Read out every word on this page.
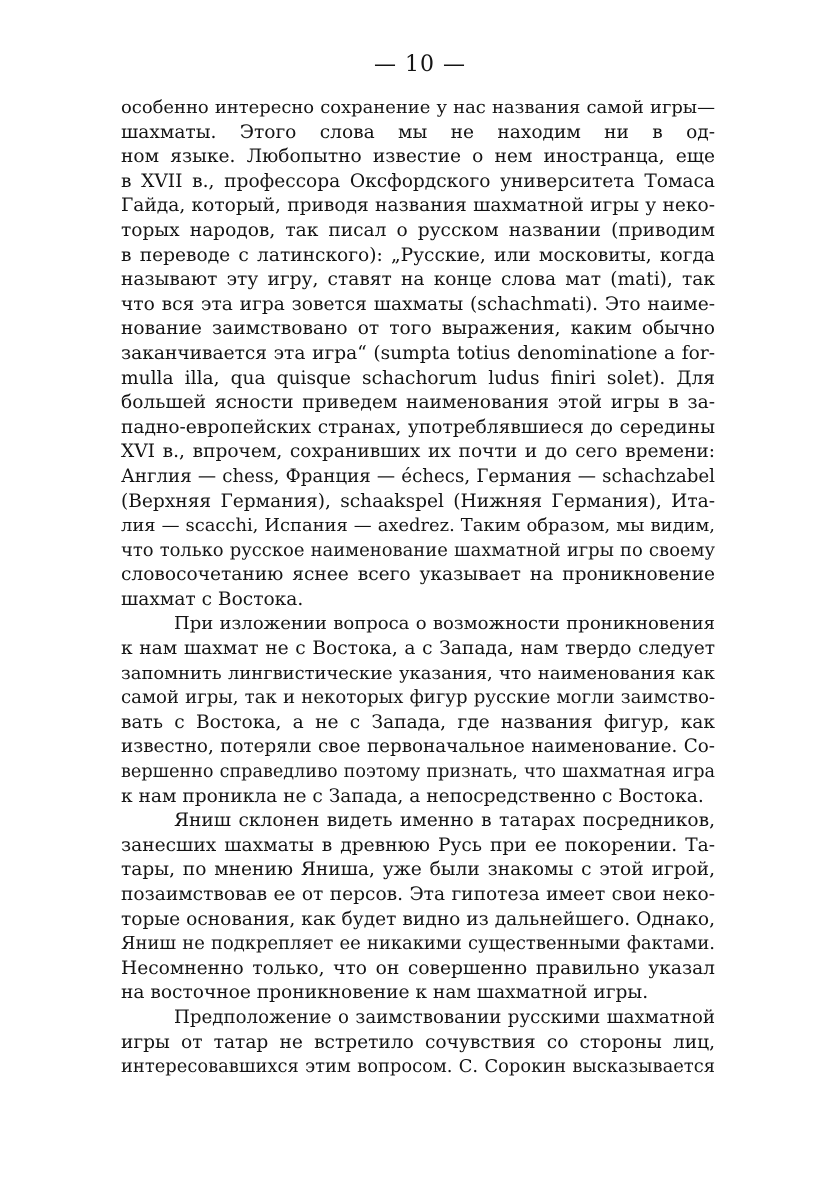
— 10 —
особенно интересно сохранение у нас названия самой игры—
шахматы. Этого слова мы не находим ни в од-
ном языке. Любопытно известие о нем иностранца, еще
в XVII в., профессора Оксфордского университета Томаса
Гайда, который, приводя названия шахматной игры у неко-
торых народов, так писал о русском названии (приводим
в переводе с латинского): „Русские, или московиты, когда
называют эту игру, ставят на конце слова мат (mati), так
что вся эта игра зовется шахматы (schachmati). Это наиме-
нование заимствовано от того выражения, каким обычно
заканчивается эта игра“ (sumpta totius denominatione a for-
mulla illa, qua quisque schachorum ludus finiri solet). Для
большей ясности приведем наименования этой игры в за-
падно-европейских странах, употреблявшиеся до середины
XVI в., впрочем, сохранивших их почти и до сего времени:
Англия — chess, Франция — échecs, Германия — schachzabel
(Верхняя Германия), schaakspel (Нижняя Германия), Ита-
лия — scacchi, Испания — axedrez. Таким образом, мы видим,
что только русское наименование шахматной игры по своему
словосочетанию яснее всего указывает на проникновение
шахмат с Востока.
При изложении вопроса о возможности проникновения
к нам шахмат не с Востока, а с Запада, нам твердо следует
запомнить лингвистические указания, что наименования как
самой игры, так и некоторых фигур русские могли заимство-
вать с Востока, а не с Запада, где названия фигур, как
известно, потеряли свое первоначальное наименование. Со-
вершенно справедливо поэтому признать, что шахматная игра
к нам проникла не с Запада, а непосредственно с Востока.
Яниш склонен видеть именно в татарах посредников,
занесших шахматы в древнюю Русь при ее покорении. Та-
тары, по мнению Яниша, уже были знакомы с этой игрой,
позаимствовав ее от персов. Эта гипотеза имеет свои неко-
торые основания, как будет видно из дальнейшего. Однако,
Яниш не подкрепляет ее никакими существенными фактами.
Несомненно только, что он совершенно правильно указал
на восточное проникновение к нам шахматной игры.
Предположение о заимствовании русскими шахматной
игры от татар не встретило сочувствия со стороны лиц,
интересовавшихся этим вопросом. С. Сорокин высказывается
